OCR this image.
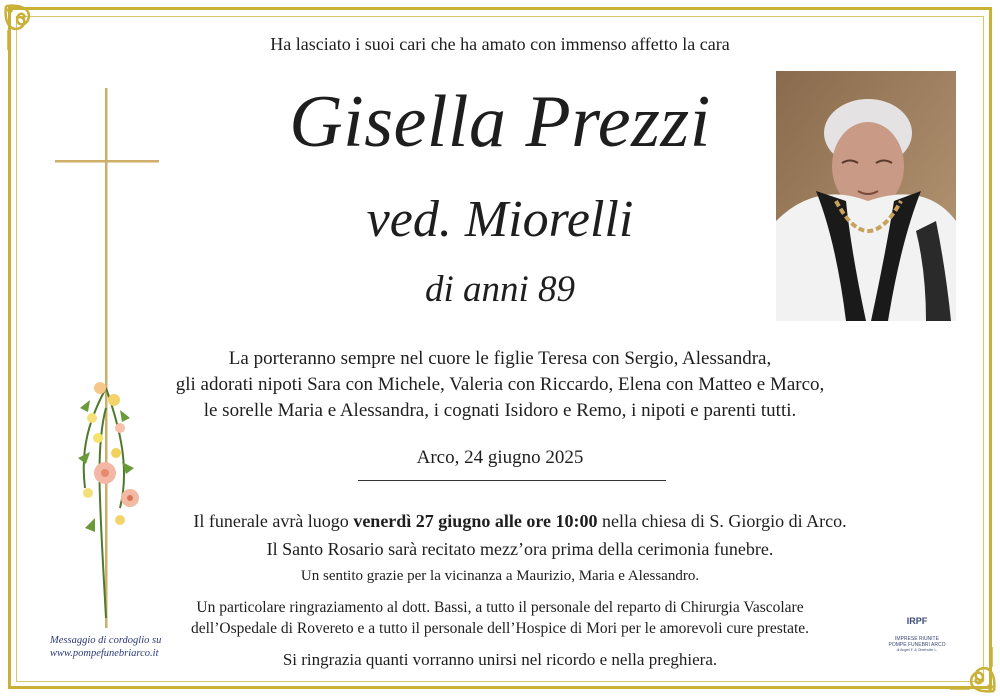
Ha lasciato i suoi cari che ha amato con immenso affetto la cara

Gisella Prezzi

ved. Miorelli

di anni 89

La porteranno sempre nel cuore le figlie Teresa con Sergio, Alessandra,
gli adorati nipoti Sara con Michele, Valeria con Riccardo, Elena con Matteo e Marco,
le sorelle Maria e Alessandra, i cognati Isidoro e Remo, i nipoti e parenti tutti.

Arco, 24 giugno 2025

Il funerale avrà luogo venerdì 27 giugno alle ore 10:00 nella chiesa di S. Giorgio di Arco.
Il Santo Rosario sarà recitato mezz’ora prima della cerimonia funebre.

Un sentito grazie per la vicinanza a Maurizio, Maria e Alessandro.

Un particolare ringraziamento al dott. Bassi, a tutto il personale del reparto di Chirurgia Vascolare
dell’Ospedale di Rovereto e a tutto il personale dell’Hospice di Mori per le amorevoli cure prestate.

Si ringrazia quanti vorranno unirsi nel ricordo e nella preghiera.

Messaggio di cordoglio su
www.pompefunebriarco.it

IRPF
IMPRESE RIUNITE
POMPE FUNEBRI ARCO
di Angeli F. & Oberhofer L.
